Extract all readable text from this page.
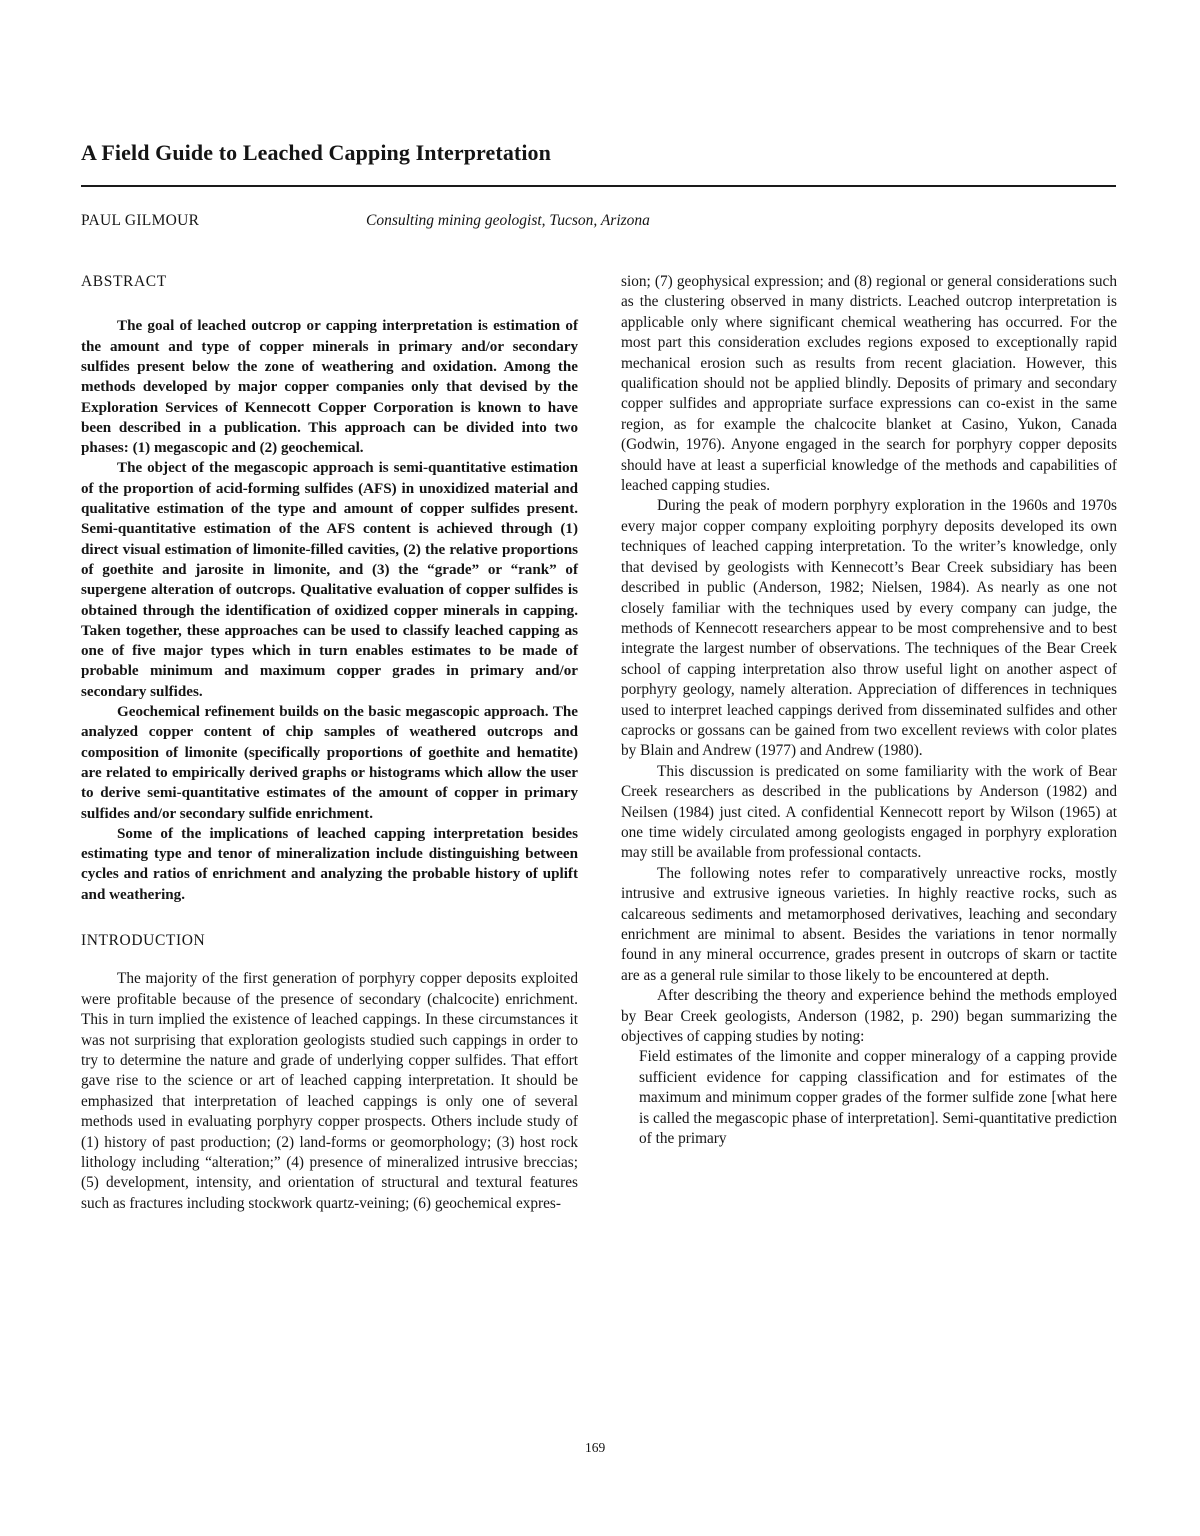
A Field Guide to Leached Capping Interpretation
PAUL GILMOUR	Consulting mining geologist, Tucson, Arizona
ABSTRACT

The goal of leached outcrop or capping interpretation is estimation of the amount and type of copper minerals in primary and/or secondary sulfides present below the zone of weathering and oxidation. Among the methods developed by major copper companies only that devised by the Exploration Services of Kennecott Copper Corporation is known to have been described in a publication. This approach can be divided into two phases: (1) megascopic and (2) geochemical.

The object of the megascopic approach is semi-quantitative estimation of the proportion of acid-forming sulfides (AFS) in unoxidized material and qualitative estimation of the type and amount of copper sulfides present. Semi-quantitative estimation of the AFS content is achieved through (1) direct visual estimation of limonite-filled cavities, (2) the relative proportions of goethite and jarosite in limonite, and (3) the “grade” or “rank” of supergene alteration of outcrops. Qualitative evaluation of copper sulfides is obtained through the identification of oxidized copper minerals in capping. Taken together, these approaches can be used to classify leached capping as one of five major types which in turn enables estimates to be made of probable minimum and maximum copper grades in primary and/or secondary sulfides.

Geochemical refinement builds on the basic megascopic approach. The analyzed copper content of chip samples of weathered outcrops and composition of limonite (specifically proportions of goethite and hematite) are related to empirically derived graphs or histograms which allow the user to derive semi-quantitative estimates of the amount of copper in primary sulfides and/or secondary sulfide enrichment.

Some of the implications of leached capping interpretation besides estimating type and tenor of mineralization include distinguishing between cycles and ratios of enrichment and analyzing the probable history of uplift and weathering.

INTRODUCTION

The majority of the first generation of porphyry copper deposits exploited were profitable because of the presence of secondary (chalcocite) enrichment. This in turn implied the existence of leached cappings. In these circumstances it was not surprising that exploration geologists studied such cappings in order to try to determine the nature and grade of underlying copper sulfides. That effort gave rise to the science or art of leached capping interpretation. It should be emphasized that interpretation of leached cappings is only one of several methods used in evaluating porphyry copper prospects. Others include study of (1) history of past production; (2) land-forms or geomorphology; (3) host rock lithology including “alteration;” (4) presence of mineralized intrusive breccias; (5) development, intensity, and orientation of structural and textural features such as fractures including stockwork quartz-veining; (6) geochemical expres-

sion; (7) geophysical expression; and (8) regional or general considerations such as the clustering observed in many districts. Leached outcrop interpretation is applicable only where significant chemical weathering has occurred. For the most part this consideration excludes regions exposed to exceptionally rapid mechanical erosion such as results from recent glaciation. However, this qualification should not be applied blindly. Deposits of primary and secondary copper sulfides and appropriate surface expressions can co-exist in the same region, as for example the chalcocite blanket at Casino, Yukon, Canada (Godwin, 1976). Anyone engaged in the search for porphyry copper deposits should have at least a superficial knowledge of the methods and capabilities of leached capping studies.

During the peak of modern porphyry exploration in the 1960s and 1970s every major copper company exploiting porphyry deposits developed its own techniques of leached capping interpretation. To the writer’s knowledge, only that devised by geologists with Kennecott’s Bear Creek subsidiary has been described in public (Anderson, 1982; Nielsen, 1984). As nearly as one not closely familiar with the techniques used by every company can judge, the methods of Kennecott researchers appear to be most comprehensive and to best integrate the largest number of observations. The techniques of the Bear Creek school of capping interpretation also throw useful light on another aspect of porphyry geology, namely alteration. Appreciation of differences in techniques used to interpret leached cappings derived from disseminated sulfides and other caprocks or gossans can be gained from two excellent reviews with color plates by Blain and Andrew (1977) and Andrew (1980).

This discussion is predicated on some familiarity with the work of Bear Creek researchers as described in the publications by Anderson (1982) and Neilsen (1984) just cited. A confidential Kennecott report by Wilson (1965) at one time widely circulated among geologists engaged in porphyry exploration may still be available from professional contacts.

The following notes refer to comparatively unreactive rocks, mostly intrusive and extrusive igneous varieties. In highly reactive rocks, such as calcareous sediments and metamorphosed derivatives, leaching and secondary enrichment are minimal to absent. Besides the variations in tenor normally found in any mineral occurrence, grades present in outcrops of skarn or tactite are as a general rule similar to those likely to be encountered at depth.

After describing the theory and experience behind the methods employed by Bear Creek geologists, Anderson (1982, p. 290) began summarizing the objectives of capping studies by noting:

Field estimates of the limonite and copper mineralogy of a capping provide sufficient evidence for capping classification and for estimates of the maximum and minimum copper grades of the former sulfide zone [what here is called the megascopic phase of interpretation]. Semi-quantitative prediction of the primary
169
